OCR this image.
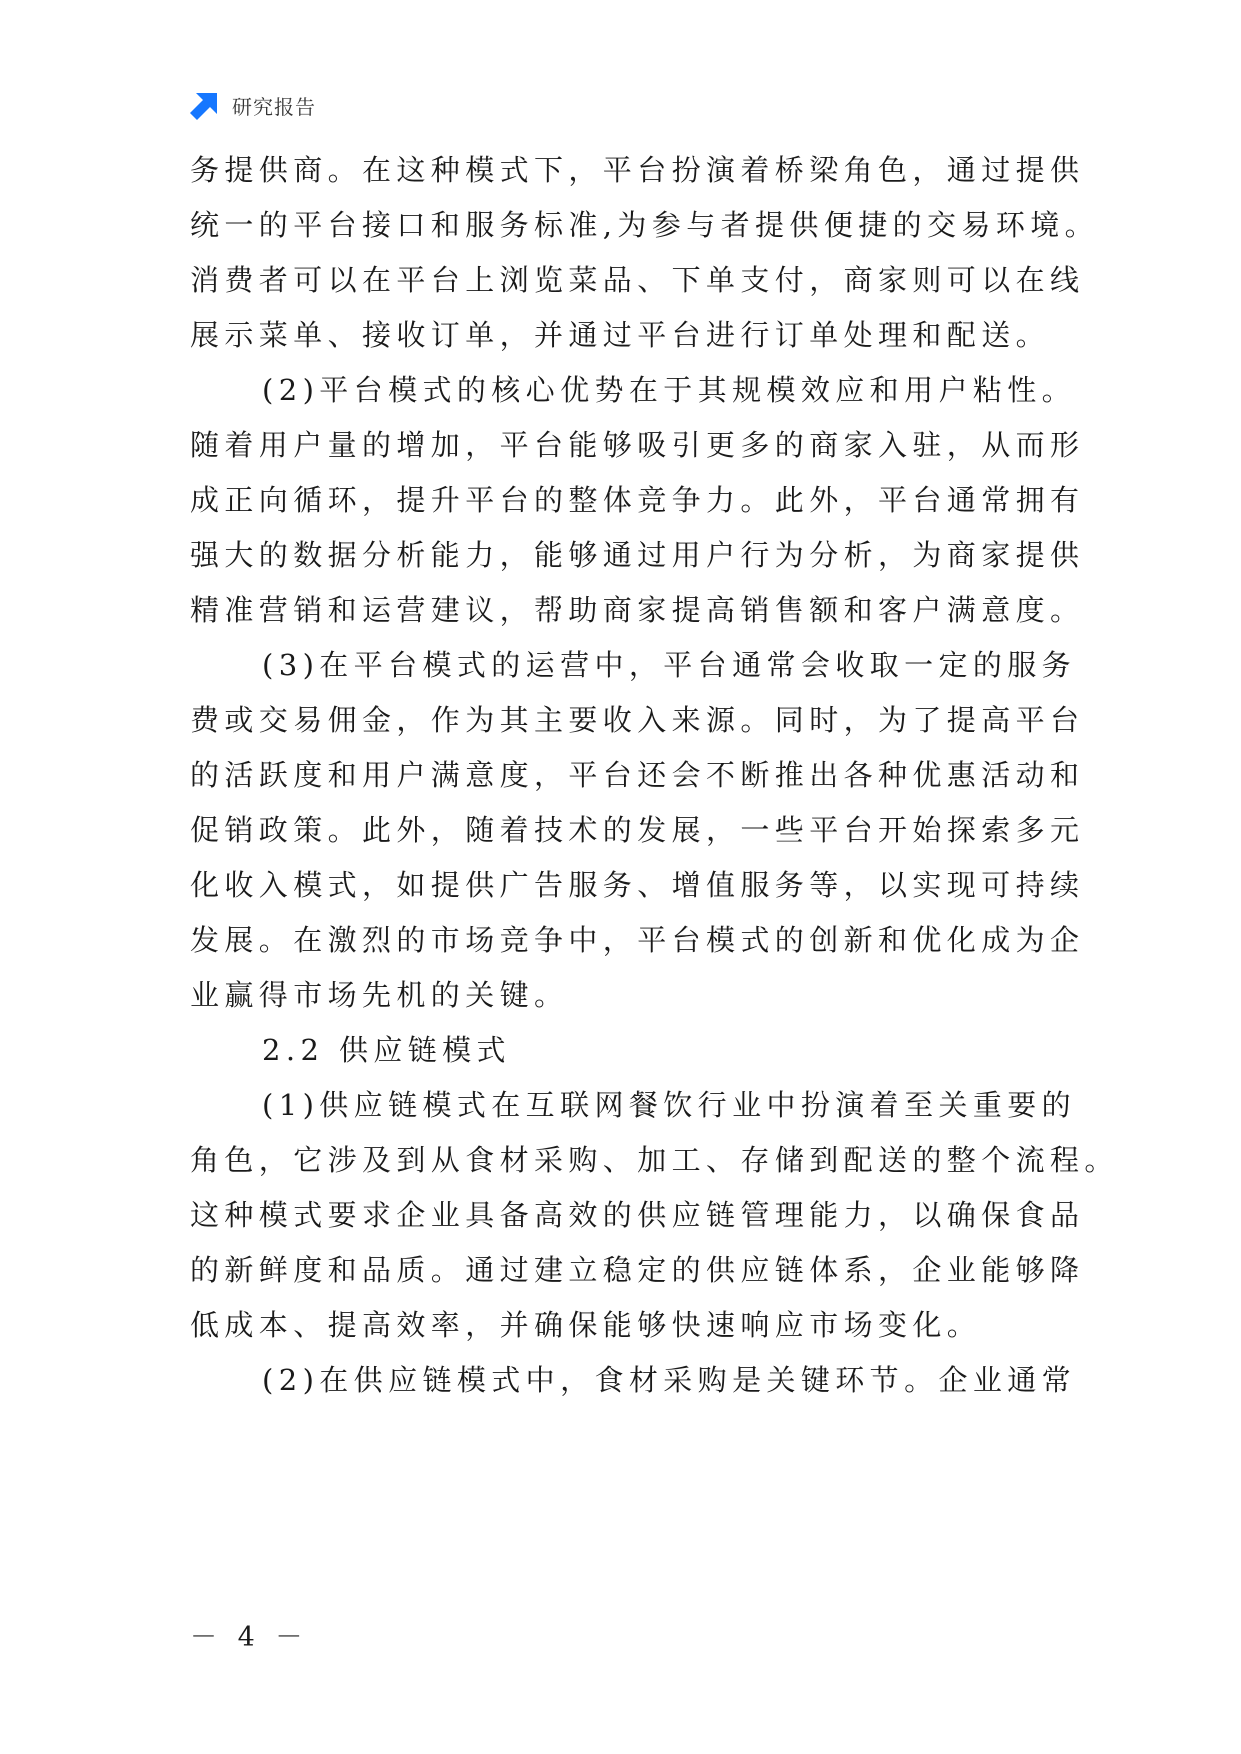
研究报告
务提供商。在这种模式下，平台扮演着桥梁角色，通过提供
统一的平台接口和服务标准,为参与者提供便捷的交易环境。
消费者可以在平台上浏览菜品、下单支付，商家则可以在线
展示菜单、接收订单，并通过平台进行订单处理和配送。
(2)平台模式的核心优势在于其规模效应和用户粘性。
随着用户量的增加，平台能够吸引更多的商家入驻，从而形
成正向循环，提升平台的整体竞争力。此外，平台通常拥有
强大的数据分析能力，能够通过用户行为分析，为商家提供
精准营销和运营建议，帮助商家提高销售额和客户满意度。
(3)在平台模式的运营中，平台通常会收取一定的服务
费或交易佣金，作为其主要收入来源。同时，为了提高平台
的活跃度和用户满意度，平台还会不断推出各种优惠活动和
促销政策。此外，随着技术的发展，一些平台开始探索多元
化收入模式，如提供广告服务、增值服务等，以实现可持续
发展。在激烈的市场竞争中，平台模式的创新和优化成为企
业赢得市场先机的关键。
2.2 供应链模式
(1)供应链模式在互联网餐饮行业中扮演着至关重要的
角色，它涉及到从食材采购、加工、存储到配送的整个流程。
这种模式要求企业具备高效的供应链管理能力，以确保食品
的新鲜度和品质。通过建立稳定的供应链体系，企业能够降
低成本、提高效率，并确保能够快速响应市场变化。
(2)在供应链模式中，食材采购是关键环节。企业通常
－ 4 －
